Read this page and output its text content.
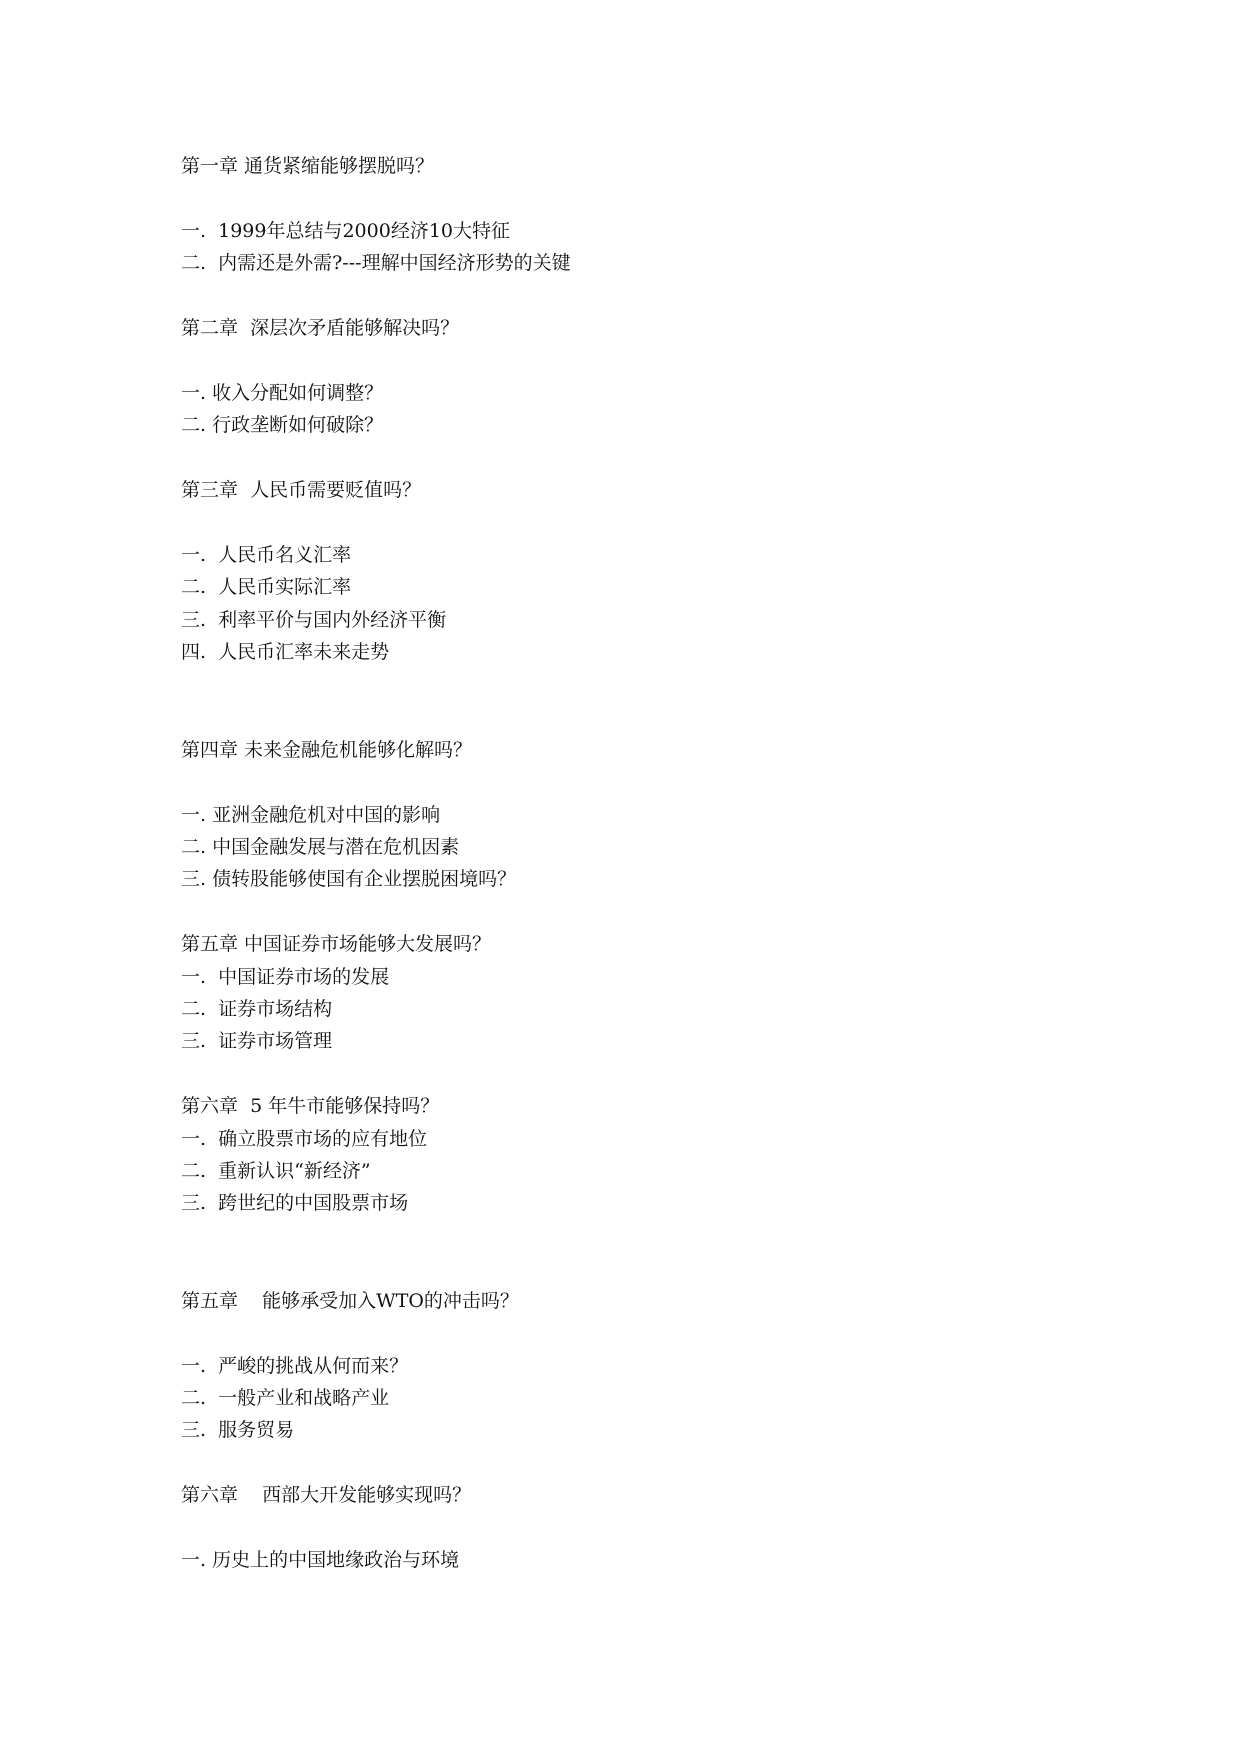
第一章 通货紧缩能够摆脱吗？
一.  1999年总结与2000经济10大特征
二.  内需还是外需?---理解中国经济形势的关键
第二章  深层次矛盾能够解决吗？
一. 收入分配如何调整？
二. 行政垄断如何破除？
第三章  人民币需要贬值吗？
一.  人民币名义汇率
二.  人民币实际汇率
三.  利率平价与国内外经济平衡
四.  人民币汇率未来走势
第四章 未来金融危机能够化解吗？
一. 亚洲金融危机对中国的影响
二. 中国金融发展与潜在危机因素
三. 债转股能够使国有企业摆脱困境吗？
第五章 中国证券市场能够大发展吗？
一.  中国证券市场的发展
二.  证券市场结构
三.  证券市场管理
第六章  5 年牛市能够保持吗？
一.  确立股票市场的应有地位
二.  重新认识“新经济”
三.  跨世纪的中国股票市场
第五章    能够承受加入WTO的冲击吗？
一.  严峻的挑战从何而来？
二.  一般产业和战略产业
三.  服务贸易
第六章    西部大开发能够实现吗？
一. 历史上的中国地缘政治与环境
